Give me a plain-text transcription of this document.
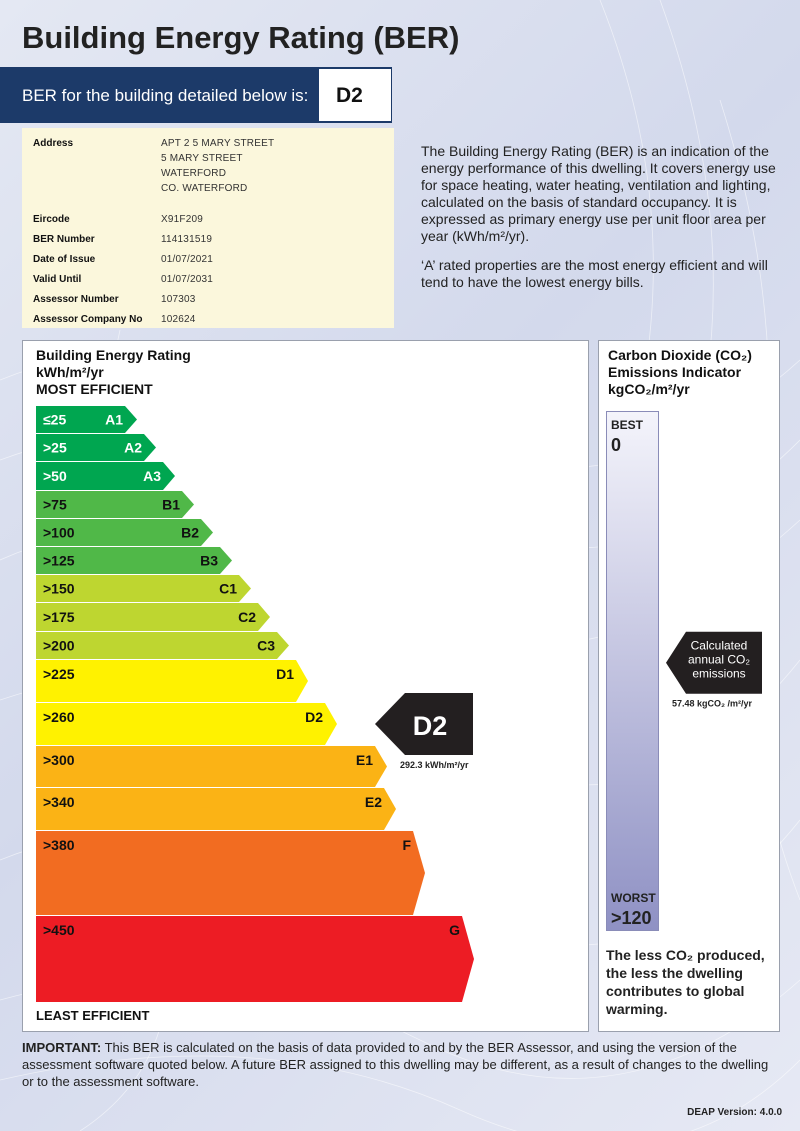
Building Energy Rating (BER)
BER for the building detailed below is:	D2
Address	APT 2 5 MARY STREET
5 MARY STREET
WATERFORD
CO. WATERFORD
Eircode	X91F209
BER Number	114131519
Date of Issue	01/07/2021
Valid Until	01/07/2031
Assessor Number	107303
Assessor Company No 102624

The Building Energy Rating (BER) is an indication of the energy performance of this dwelling. It covers energy use for space heating, water heating, ventilation and lighting, calculated on the basis of standard occupancy. It is expressed as primary energy use per unit floor area per year (kWh/m²/yr).

‘A’ rated properties are the most energy efficient and will tend to have the lowest energy bills.

Building Energy Rating
kWh/m²/yr
MOST EFFICIENT
LEAST EFFICIENT
Carbon Dioxide (CO₂)
Emissions Indicator
kgCO₂/m²/yr
BEST
0
WORST
>120
The less CO₂ produced, the less the dwelling contributes to global warming.
≤25	A1
>25	A2
>50	A3
>75	B1
>100	B2
>125	B3
>150	C1
>175	C2
>200	C3
>225	D1
>260	D2
>300	E1
>340	E2
>380	F
>450	G
D2
292.3 kWh/m²/yr
Calculated
annual CO₂
emissions
57.48 kgCO₂ /m²/yr
IMPORTANT: This BER is calculated on the basis of data provided to and by the BER Assessor, and using the version of the assessment software quoted below. A future BER assigned to this dwelling may be different, as a result of changes to the dwelling or to the assessment software.
DEAP Version: 4.0.0
